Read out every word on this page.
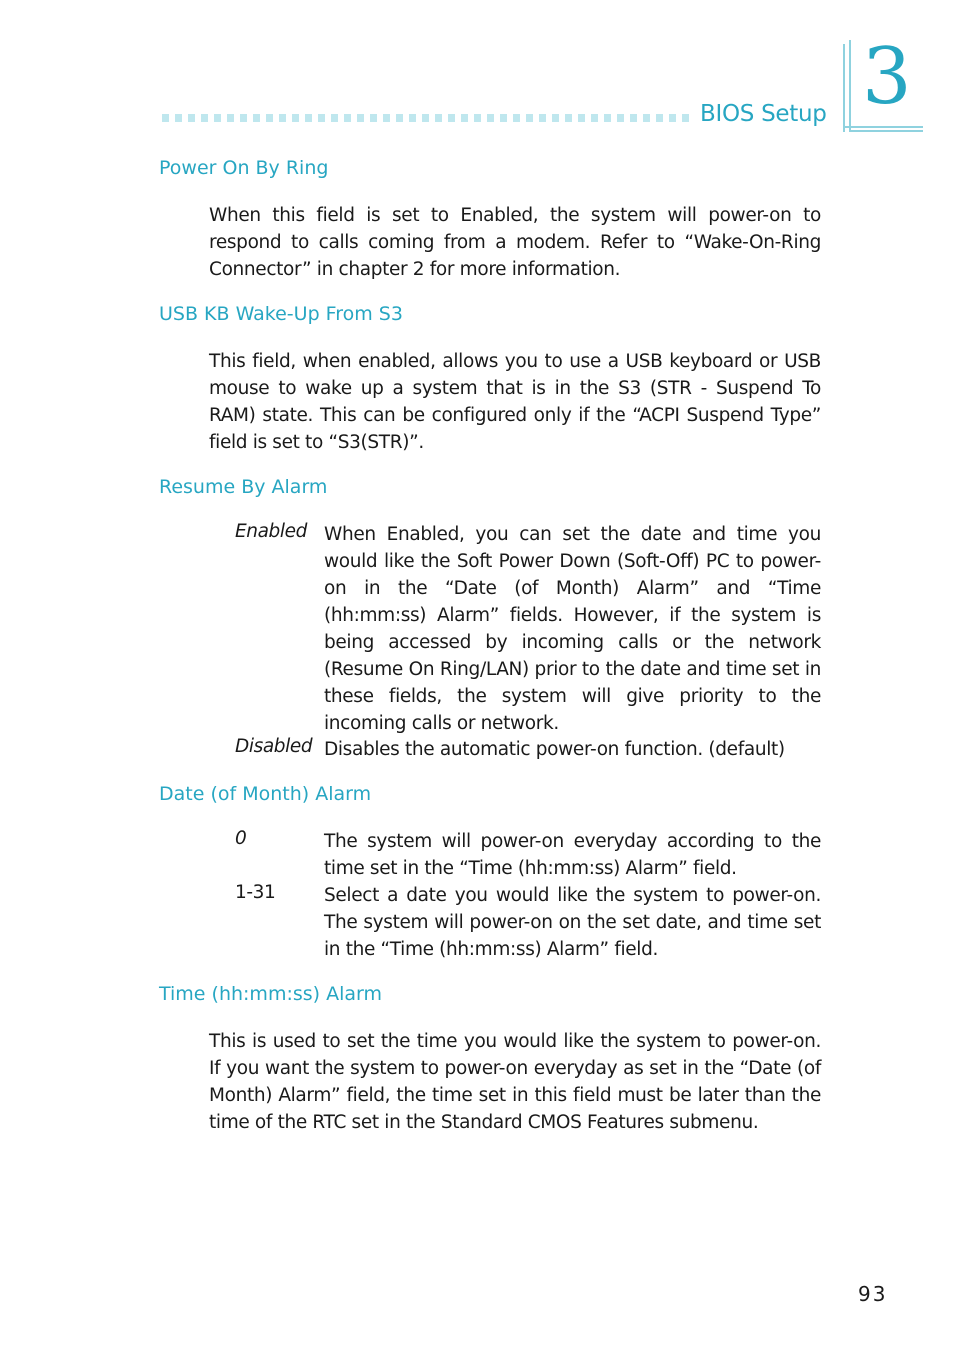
BIOS Setup 3
Power On By Ring
When this field is set to Enabled, the system will power-on to respond to calls coming from a modem. Refer to “Wake-On-Ring Connector” in chapter 2 for more information.
USB KB Wake-Up From S3
This field, when enabled, allows you to use a USB keyboard or USB mouse to wake up a system that is in the S3 (STR - Suspend To RAM) state. This can be configured only if the “ACPI Suspend Type” field is set to “S3(STR)”.
Resume By Alarm
Enabled When Enabled, you can set the date and time you would like the Soft Power Down (Soft-Off) PC to power-on in the “Date (of Month) Alarm” and “Time (hh:mm:ss) Alarm” fields. However, if the system is being accessed by incoming calls or the network (Resume On Ring/LAN) prior to the date and time set in these fields, the system will give priority to the incoming calls or network.
Disabled Disables the automatic power-on function. (default)
Date (of Month) Alarm
0	The system will power-on everyday according to the time set in the “Time (hh:mm:ss) Alarm” field.
1-31	Select a date you would like the system to power-on. The system will power-on on the set date, and time set in the “Time (hh:mm:ss) Alarm” field.
Time (hh:mm:ss) Alarm
This is used to set the time you would like the system to power-on. If you want the system to power-on everyday as set in the “Date (of Month) Alarm” field, the time set in this field must be later than the time of the RTC set in the Standard CMOS Features submenu.
93
